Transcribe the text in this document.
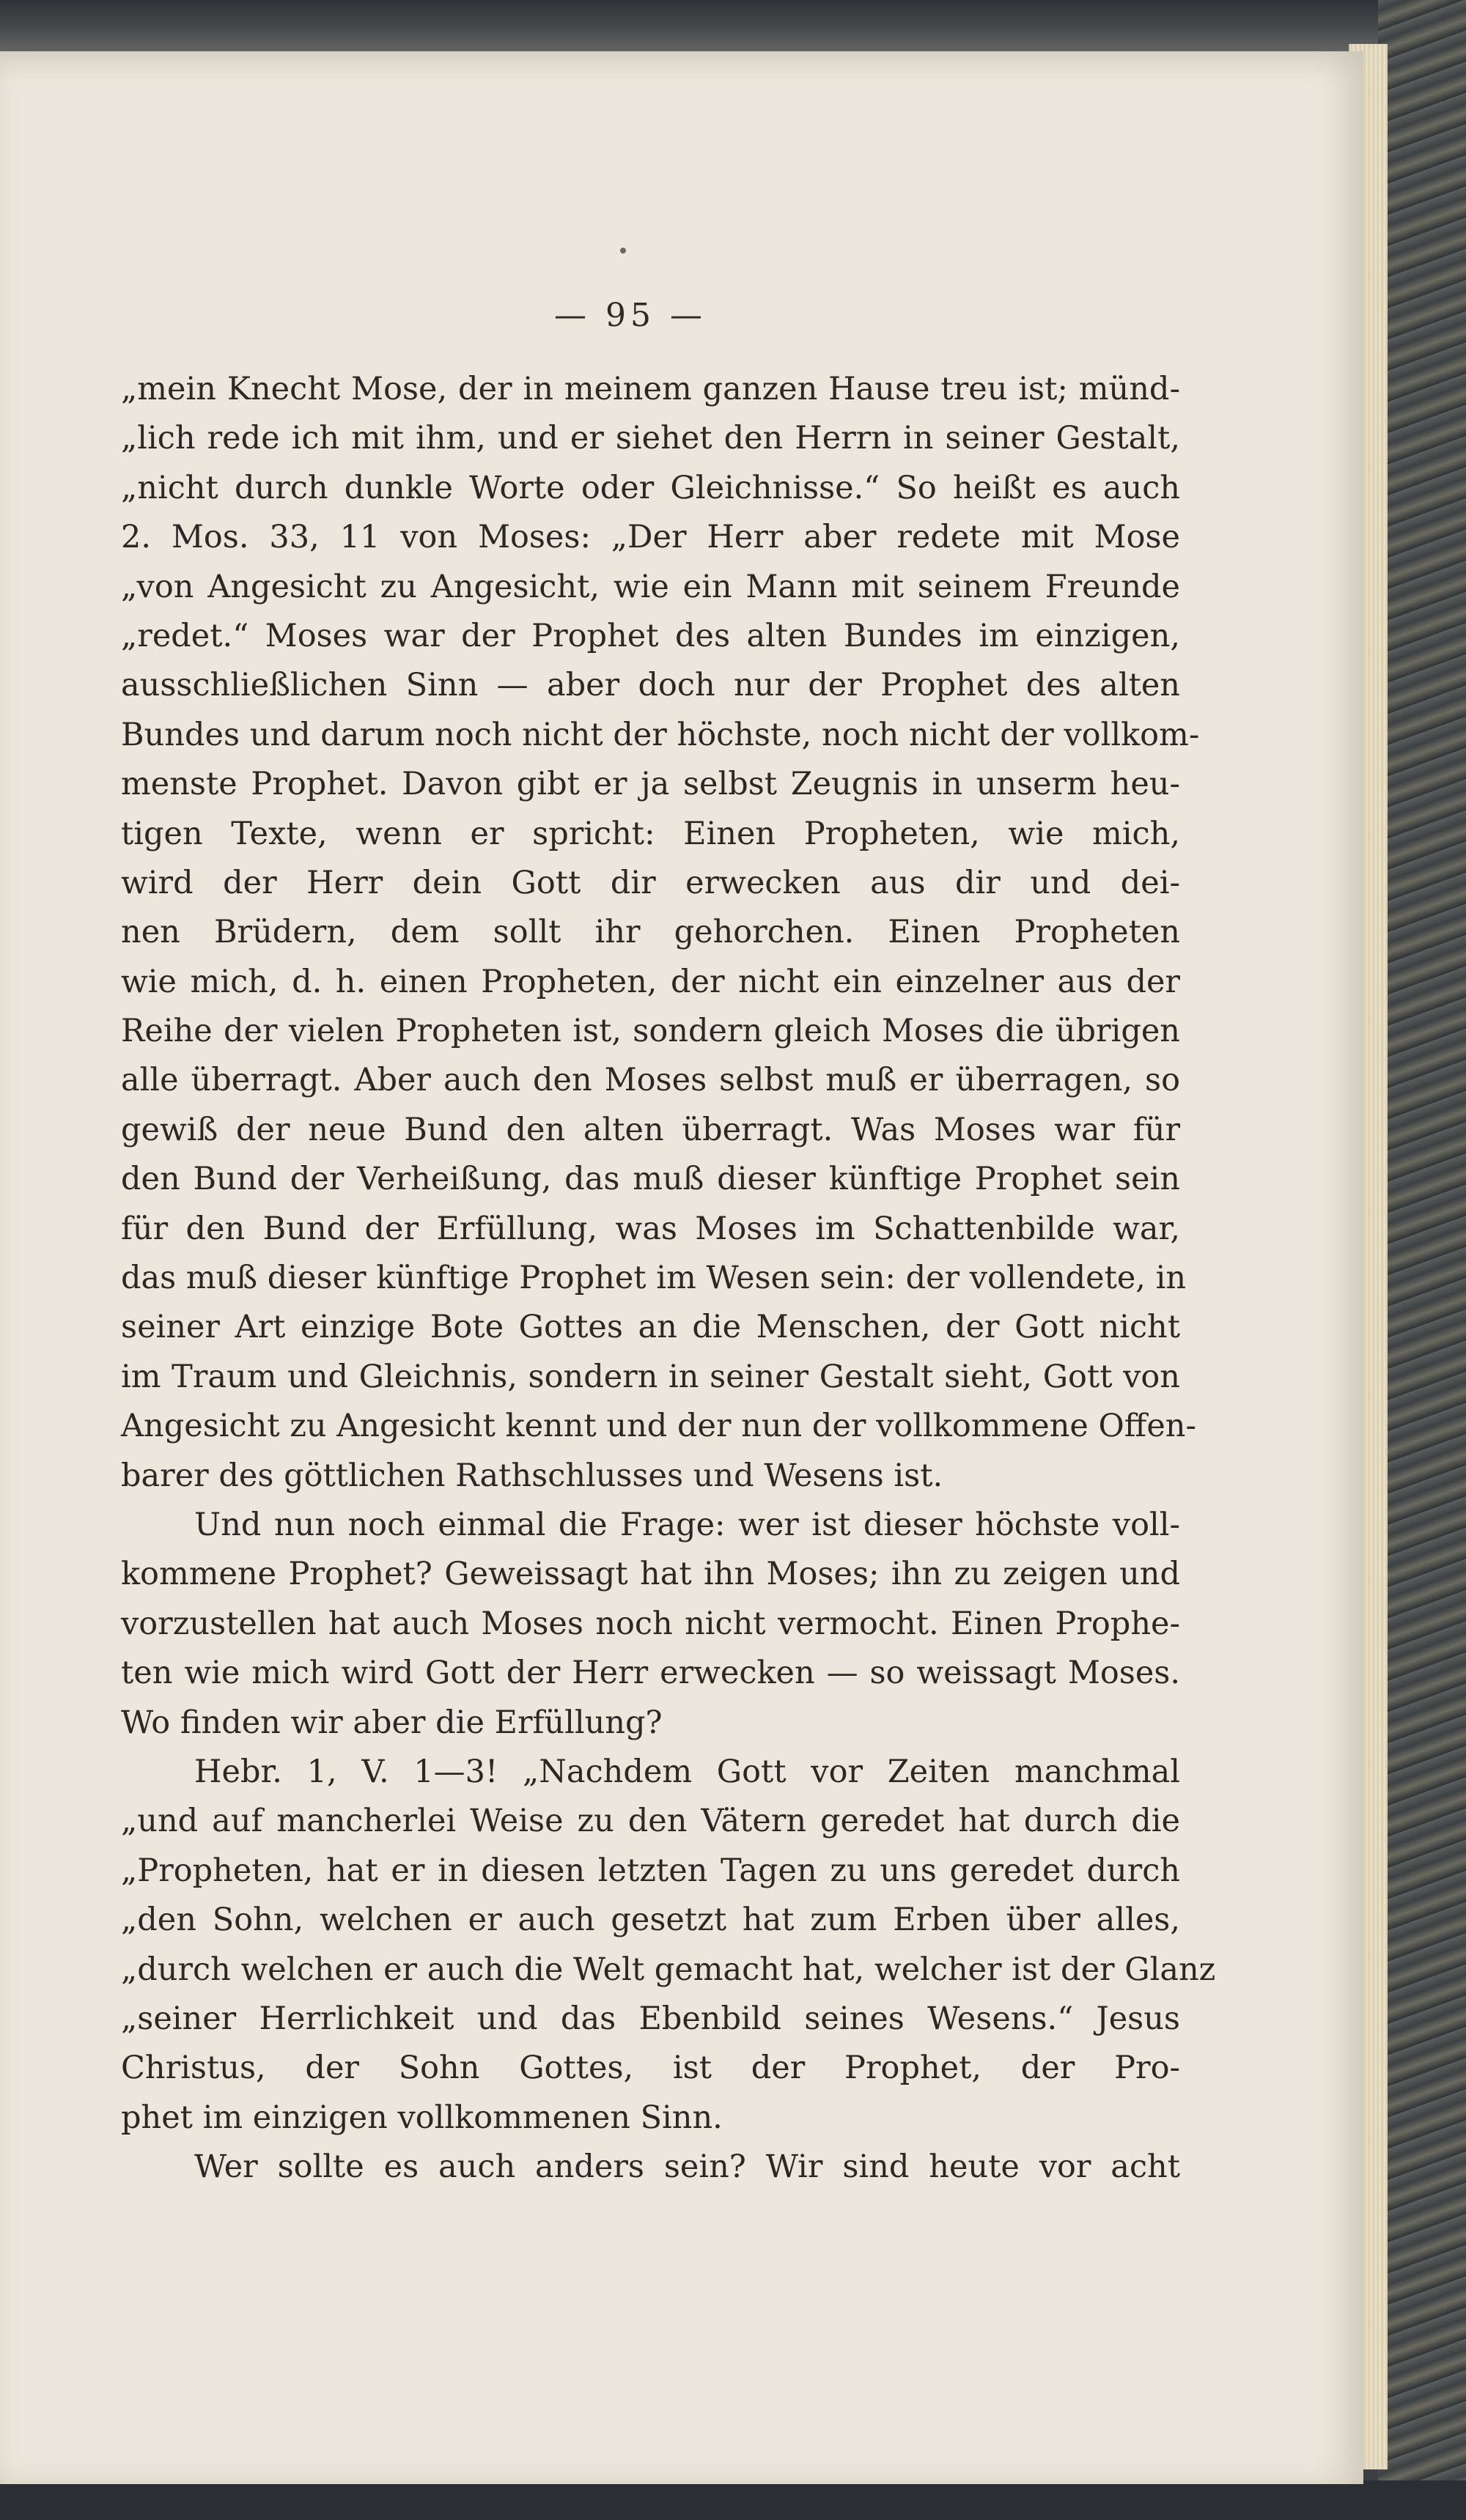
— 95 —
„mein Knecht Mose, der in meinem ganzen Hause treu ist; münd-
„lich rede ich mit ihm, und er siehet den Herrn in seiner Gestalt,
„nicht durch dunkle Worte oder Gleichnisse.“ So heißt es auch
2. Mos. 33, 11 von Moses: „Der Herr aber redete mit Mose
„von Angesicht zu Angesicht, wie ein Mann mit seinem Freunde
„redet.“ Moses war der Prophet des alten Bundes im einzigen,
ausschließlichen Sinn — aber doch nur der Prophet des alten
Bundes und darum noch nicht der höchste, noch nicht der vollkom-
menste Prophet. Davon gibt er ja selbst Zeugnis in unserm heu-
tigen Texte, wenn er spricht: Einen Propheten, wie mich,
wird der Herr dein Gott dir erwecken aus dir und dei-
nen Brüdern, dem sollt ihr gehorchen. Einen Propheten
wie mich, d. h. einen Propheten, der nicht ein einzelner aus der
Reihe der vielen Propheten ist, sondern gleich Moses die übrigen
alle überragt. Aber auch den Moses selbst muß er überragen, so
gewiß der neue Bund den alten überragt. Was Moses war für
den Bund der Verheißung, das muß dieser künftige Prophet sein
für den Bund der Erfüllung, was Moses im Schattenbilde war,
das muß dieser künftige Prophet im Wesen sein: der vollendete, in
seiner Art einzige Bote Gottes an die Menschen, der Gott nicht
im Traum und Gleichnis, sondern in seiner Gestalt sieht, Gott von
Angesicht zu Angesicht kennt und der nun der vollkommene Offen-
barer des göttlichen Rathschlusses und Wesens ist.
Und nun noch einmal die Frage: wer ist dieser höchste voll-
kommene Prophet? Geweissagt hat ihn Moses; ihn zu zeigen und
vorzustellen hat auch Moses noch nicht vermocht. Einen Prophe-
ten wie mich wird Gott der Herr erwecken — so weissagt Moses.
Wo finden wir aber die Erfüllung?
Hebr. 1, V. 1—3! „Nachdem Gott vor Zeiten manchmal
„und auf mancherlei Weise zu den Vätern geredet hat durch die
„Propheten, hat er in diesen letzten Tagen zu uns geredet durch
„den Sohn, welchen er auch gesetzt hat zum Erben über alles,
„durch welchen er auch die Welt gemacht hat, welcher ist der Glanz
„seiner Herrlichkeit und das Ebenbild seines Wesens.“ Jesus
Christus, der Sohn Gottes, ist der Prophet, der Pro-
phet im einzigen vollkommenen Sinn.
Wer sollte es auch anders sein? Wir sind heute vor acht
